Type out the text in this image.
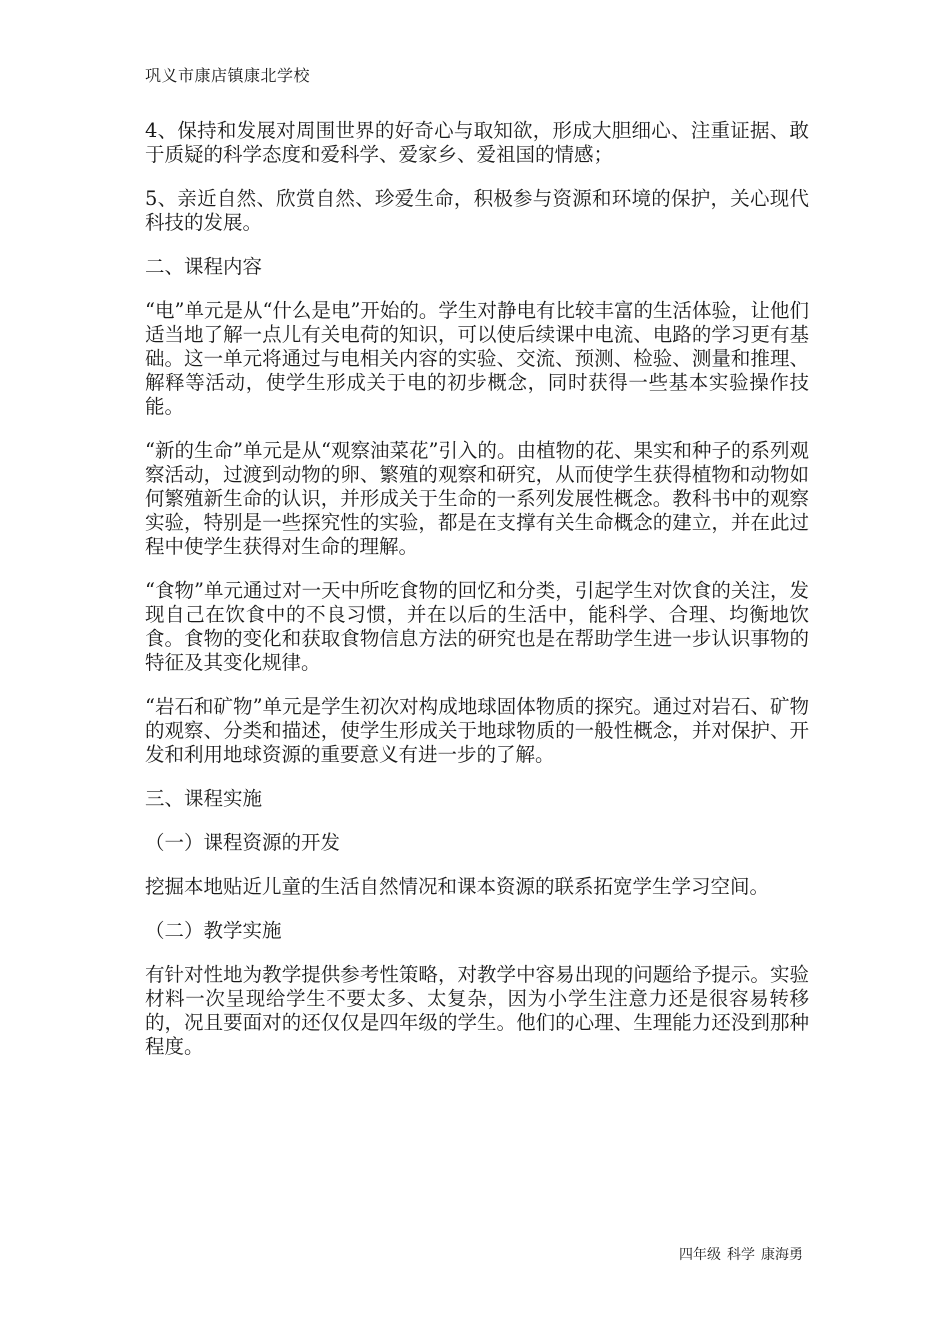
巩义市康店镇康北学校

4、保持和发展对周围世界的好奇心与取知欲，形成大胆细心、注重证据、敢于质疑的科学态度和爱科学、爱家乡、爱祖国的情感；

5、亲近自然、欣赏自然、珍爱生命，积极参与资源和环境的保护，关心现代科技的发展。

二、课程内容

“电”单元是从“什么是电”开始的。学生对静电有比较丰富的生活体验，让他们适当地了解一点儿有关电荷的知识，可以使后续课中电流、电路的学习更有基础。这一单元将通过与电相关内容的实验、交流、预测、检验、测量和推理、解释等活动，使学生形成关于电的初步概念，同时获得一些基本实验操作技能。

“新的生命”单元是从“观察油菜花”引入的。由植物的花、果实和种子的系列观察活动，过渡到动物的卵、繁殖的观察和研究，从而使学生获得植物和动物如何繁殖新生命的认识，并形成关于生命的一系列发展性概念。教科书中的观察实验，特别是一些探究性的实验，都是在支撑有关生命概念的建立，并在此过程中使学生获得对生命的理解。

“食物”单元通过对一天中所吃食物的回忆和分类，引起学生对饮食的关注，发现自己在饮食中的不良习惯，并在以后的生活中，能科学、合理、均衡地饮食。食物的变化和获取食物信息方法的研究也是在帮助学生进一步认识事物的特征及其变化规律。

“岩石和矿物”单元是学生初次对构成地球固体物质的探究。通过对岩石、矿物的观察、分类和描述，使学生形成关于地球物质的一般性概念，并对保护、开发和利用地球资源的重要意义有进一步的了解。

三、课程实施

（一）课程资源的开发

挖掘本地贴近儿童的生活自然情况和课本资源的联系拓宽学生学习空间。

（二）教学实施

有针对性地为教学提供参考性策略，对教学中容易出现的问题给予提示。实验材料一次呈现给学生不要太多、太复杂，因为小学生注意力还是很容易转移的，况且要面对的还仅仅是四年级的学生。他们的心理、生理能力还没到那种程度。

四年级 科学 康海勇
